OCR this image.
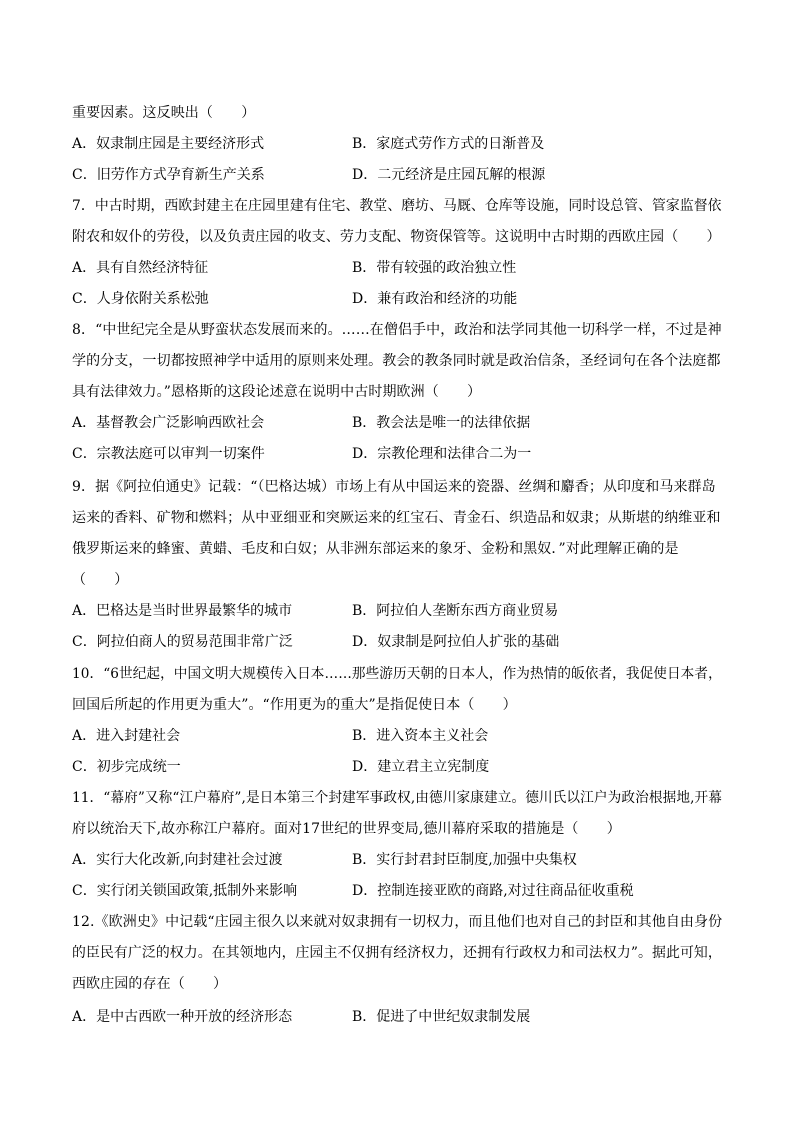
重要因素。这反映出（　　）
A．奴隶制庄园是主要经济形式	B．家庭式劳作方式的日渐普及
C．旧劳作方式孕育新生产关系	D．二元经济是庄园瓦解的根源
7．中古时期，西欧封建主在庄园里建有住宅、教堂、磨坊、马厩、仓库等设施，同时设总管、管家监督依
附农和奴仆的劳役，以及负责庄园的收支、劳力支配、物资保管等。这说明中古时期的西欧庄园（　　）
A．具有自然经济特征	B．带有较强的政治独立性
C．人身依附关系松弛	D．兼有政治和经济的功能
8．“中世纪完全是从野蛮状态发展而来的。……在僧侣手中，政治和法学同其他一切科学一样，不过是神
学的分支，一切都按照神学中适用的原则来处理。教会的教条同时就是政治信条，圣经词句在各个法庭都
具有法律效力。”恩格斯的这段论述意在说明中古时期欧洲（　　）
A．基督教会广泛影响西欧社会	B．教会法是唯一的法律依据
C．宗教法庭可以审判一切案件	D．宗教伦理和法律合二为一
9．据《阿拉伯通史》记载：“（巴格达城）市场上有从中国运来的瓷器、丝绸和麝香；从印度和马来群岛
运来的香料、矿物和燃料；从中亚细亚和突厥运来的红宝石、青金石、织造品和奴隶；从斯堪的纳维亚和
俄罗斯运来的蜂蜜、黄蜡、毛皮和白奴；从非洲东部运来的象牙、金粉和黑奴．”对此理解正确的是
（　　）
A．巴格达是当时世界最繁华的城市	B．阿拉伯人垄断东西方商业贸易
C．阿拉伯商人的贸易范围非常广泛	D．奴隶制是阿拉伯人扩张的基础
10．“6世纪起，中国文明大规模传入日本……那些游历天朝的日本人，作为热情的皈依者，我促使日本者，
回国后所起的作用更为重大”。“作用更为的重大”是指促使日本（　　）
A．进入封建社会	B．进入资本主义社会
C．初步完成统一	D．建立君主立宪制度
11．“幕府”又称“江户幕府”,是日本第三个封建军事政权,由德川家康建立。德川氏以江户为政治根据地,开幕
府以统治天下,故亦称江户幕府。面对17世纪的世界变局,德川幕府采取的措施是（　　）
A．实行大化改新,向封建社会过渡	B．实行封君封臣制度,加强中央集权
C．实行闭关锁国政策,抵制外来影响	D．控制连接亚欧的商路,对过往商品征收重税
12.《欧洲史》中记载“庄园主很久以来就对奴隶拥有一切权力，而且他们也对自己的封臣和其他自由身份
的臣民有广泛的权力。在其领地内，庄园主不仅拥有经济权力，还拥有行政权力和司法权力”。据此可知，
西欧庄园的存在（　　）
A．是中古西欧一种开放的经济形态	B．促进了中世纪奴隶制发展
